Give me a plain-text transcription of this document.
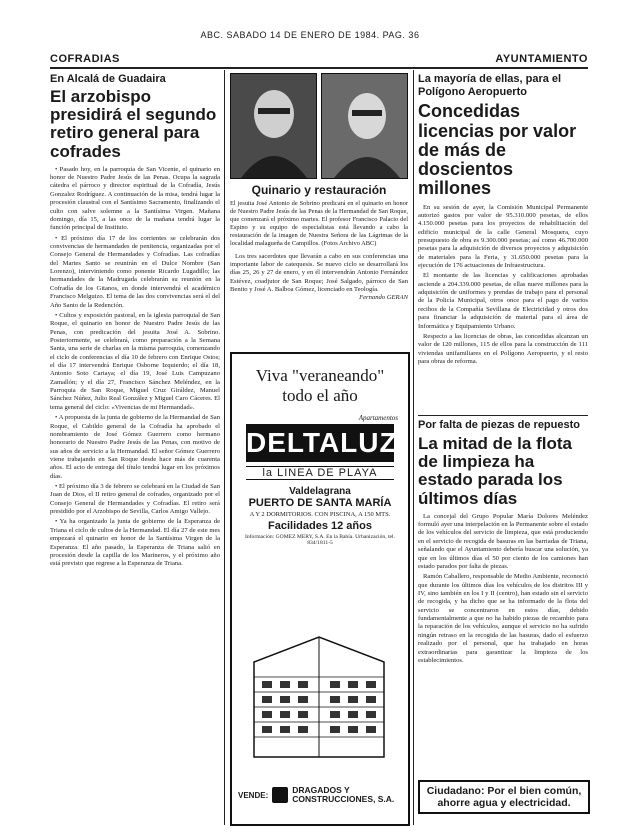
ABC. SABADO 14 DE ENERO DE 1984. PAG. 36
COFRADIAS	AYUNTAMIENTO
En Alcalá de Guadaira
El arzobispo presidirá el segundo retiro general para cofrades

• Pasado hoy, en la parroquia de San Vicente, el quinario en honor de Nuestro Padre Jesús de las Penas. Ocupa la sagrada cátedra el párroco y director espiritual de la Cofradía, Jesús Gonzalez Rodríguez. A continuación de la misa, tendrá lugar la procesión claustral con el Santísimo Sacramento, finalizando el culto con salve solemne a la Santísima Virgen. Mañana domingo, día 15, a las once de la mañana tendrá lugar la función principal de Instituto.

• El próximo día 17 de los corrientes se celebrarán dos convivencias de hermandades de penitencia, organizadas por el Consejo General de Hermandades y Cofradías. Las cofradías del Martes Santo se reunirán en el Dulce Nombre (San Lorenzo), interviniendo como ponente Ricardo Lugadillo; las hermandades de la Madrugada celebrarán su reunión en la Cofradía de los Gitanos, en donde intervendrá el académico Francisco Melguizo. El tema de las dos convivencias será el del Año Santo de la Redención.

• Cultos y exposición pastoral, en la iglesia parroquial de San Roque, el quinario en honor de Nuestro Padre Jesús de las Penas, con predicación del jesuita José A. Sobrino. Posteriormente, se celebrará, como preparación a la Semana Santa, una serie de charlas en la misma parroquia, comenzando el ciclo de conferencias el día 10 de febrero con Enrique Ostos; el día 17 intervendrá Enrique Osborne Izquierdo; el día 18, Antonio Soto Cartaya; el día 19, José Luis Campuzano Zamallón; y el día 27, Francisco Sánchez Meléndez, en la Parroquia de San Roque, Miguel Cruz Giráldez, Manuel Sánchez Núñez, Julio Real González y Miguel Caro Cáceres. El tema general del ciclo: «Vivencias de mi Hermandad».

• A propuesta de la junta de gobierno de la Hermandad de San Roque, el Cabildo general de la Cofradía ha aprobado el nombramiento de José Gómez Guerrero como hermano honorario de Nuestro Padre Jesús de las Penas, con motivo de sus años de servicio a la Hermandad. El señor Gómez Guerrero viene trabajando en San Roque desde hace más de cuarenta años. El acto de entrega del título tendrá lugar en los próximos días.

• El próximo día 3 de febrero se celebrará en la Ciudad de San Juan de Dios, el II retiro general de cofrades, organizado por el Consejo General de Hermandades y Cofradías. El retiro será presidido por el Arzobispo de Sevilla, Carlos Amigo Vallejo.

• Ya ha organizado la junta de gobierno de la Esperanza de Triana el ciclo de cultos de la Hermandad. El día 27 de este mes empezará el quinario en honor de la Santísima Virgen de la Esperanza. El año pasado, la Esperanza de Triana salió en procesión desde la capilla de los Marineros, y el próximo año está previsto que regrese a la Esperanza de Triana.

Quinario y restauración
El jesuita José Antonio de Sobrino predicará en el quinario en honor de Nuestro Padre Jesús de las Penas de la Hermandad de San Roque, que comenzará el próximo martes. El profesor Francisco Palacio del Espino y su equipo de especialistas está llevando a cabo la restauración de la imagen de Nuestra Señora de las Lágrimas de la localidad malagueña de Campillos. (Fotos Archivo ABC)
Los tres sacerdotes que llevarán a cabo en sus conferencias una importante labor de catequesis. Se nuevo ciclo se desarrollará los días 25, 26 y 27 de enero, y en él intervendrán Antonio Fernández Estévez, coadjutor de San Roque; José Salgado, párroco de San Benito y José A. Balboa Gómez, licenciado en Teología.
Fernando GERAN
Viva "veraneando"
todo el año
Apartamentos
DELTALUZ
la LINEA DE PLAYA
Valdelagrana
PUERTO DE SANTA MARÍA
A Y 2 DORMITORIOS. CON PISCINA, A 150 MTS.
Facilidades 12 años
Información: GOMEZ MERY, S.A. En la Bahía. Urbanización, tel. 834/1811-5
VENDE:
DRAGADOS Y
CONSTRUCCIONES, S.A.
La mayoría de ellas, para el Polígono Aeropuerto
Concedidas licencias por valor de más de doscientos millones

En su sesión de ayer, la Comisión Municipal Permanente autorizó gastos por valor de 95.310.000 pesetas, de ellos 4.150.000 pesetas para los proyectos de rehabilitación del edificio municipal de la calle General Mosquera, cuyo presupuesto de obra es 9.300.000 pesetas; así como 46.700.000 pesetas para la adquisición de diversos proyectos y adquisición de materiales para la Feria, y 31.650.000 pesetas para la ejecución de 176 actuaciones de Infraestructura.

El montante de las licencias y calificaciones aprobadas asciende a 204.339.000 pesetas, de ellas nueve millones para la adquisición de uniformes y prendas de trabajo para el personal de la Policía Municipal, otros once para el pago de varios recibos de la Compañía Sevillana de Electricidad y otros dos para financiar la adquisición de material para el área de Informática y Equipamiento Urbano.

Respecto a las licencias de obras, las concedidas alcanzan un valor de 120 millones, 115 de ellos para la construcción de 111 viviendas unifamiliares en el Polígono Aeropuerto, y el resto para obras de reforma.

Por falta de piezas de repuesto
La mitad de la flota de limpieza ha estado parada los últimos días

La concejal del Grupo Popular María Dolores Meléndez formuló ayer una interpelación en la Permanente sobre el estado de los vehículos del servicio de limpieza, que está produciendo en el servicio de recogida de basuras en las barriadas de Triana, señalando que el Ayuntamiento debería buscar una solución, ya que en los últimos días el 50 por ciento de los camiones han estado parados por falta de piezas.

Ramón Caballero, responsable de Medio Ambiente, reconoció que durante los últimos días los vehículos de los distritos III y IV, sino también en los I y II (centro), han estado sin el servicio de recogida, y ha dicho que se ha informado de la flota del servicio se concentraron en estos días, debido fundamentalmente a que no ha habido piezas de recambio para la reparación de los vehículos, aunque el servicio no ha sufrido ningún retraso en la recogida de las basuras, dado el esfuerzo realizado por el personal, que ha trabajado en horas extraordinarias para garantizar la limpieza de los establecimientos.

Ciudadano: Por el bien común,
ahorre agua y electricidad.
